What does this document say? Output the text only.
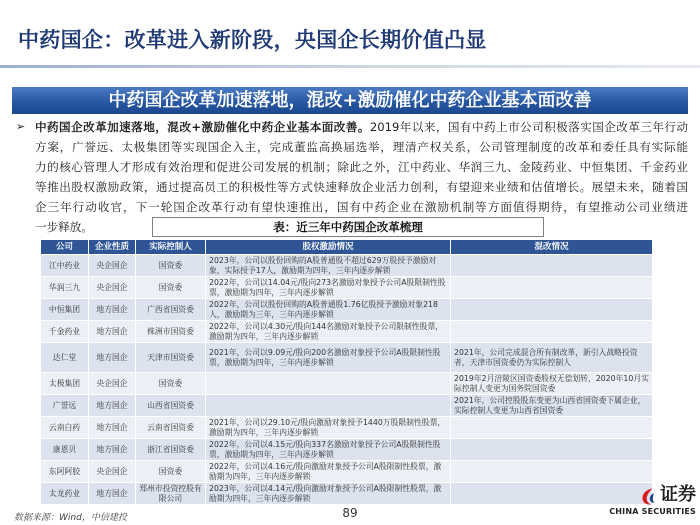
中药国企：改革进入新阶段，央国企长期价值凸显
中药国企改革加速落地，混改+激励催化中药企业基本面改善
➢ 中药国企改革加速落地，混改+激励催化中药企业基本面改善。2019年以来，国有中药上市公司积极落实国企改革三年行动
方案，广誉远、太极集团等实现国企入主，完成董监高换届选举，理清产权关系，公司管理制度的改革和委任具有实际能
力的核心管理人才形成有效治理和促进公司发展的机制；除此之外，江中药业、华润三九、金陵药业、中恒集团、千金药业
等推出股权激励政策，通过提高员工的积极性等方式快速释放企业活力创利，有望迎来业绩和估值增长。展望未来，随着国
企三年行动收官，下一轮国企改革行动有望快速推出，国有中药企业在激励机制等方面值得期待，有望推动公司业绩进
一步释放。	表：近三年中药国企改革梳理
公司	企业性质	实际控制人	股权激励情况	混改情况
江中药业	央企国企	国资委	2023年，公司以股份回购的A股普通股不超过629万股授予激励对象，实际授予17人，激励期为四年，三年内逐步解锁	
华润三九	央企国企	国资委	2022年，公司以14.04元/股向273名激励对象授予公司A股限制性股票，激励期为四年，三年内逐步解锁	
中恒集团	地方国企	广西省国资委	2022年，公司以股份回购的A股普通股1.76亿股授予激励对象218人，激励期为三年，三年内逐步解锁	
千金药业	地方国企	株洲市国资委	2022年，公司以4.30元/股向144名激励对象授予公司限制性股票，激励期为四年，三年内逐步解锁	
达仁堂	地方国企	天津市国资委	2021年，公司以9.09元/股向200名激励对象授予公司A股限制性股票，激励期为四年，三年内逐步解锁	2021年，公司完成混合所有制改革，新引入战略投资者，天津市国资委仍为实际控制人
太极集团	央企国企	国资委		2019年2月涪陵区国资委股权无偿划转，2020年10月实际控制人变更为国务院国资委
广誉远	地方国企	山西省国资委		2021年，公司控股股东变更为山西省国资委下属企业，实际控制人变更为山西省国资委
云南白药	地方国企	云南省国资委	2021年，公司以29.10元/股向激励对象授予1440万股限制性股票，激励期为四年，三年内逐步解锁	
康恩贝	地方国企	浙江省国资委	2022年，公司以4.15元/股向337名激励对象授予公司A股限制性股票，激励期为四年，三年内逐步解锁	
东阿阿胶	央企国企	国资委	2022年，公司以4.16元/股向激励对象授予公司A股限制性股票，激励期为四年，三年内逐步解锁	
太龙药业	地方国企	郑州市投资控股有限公司	2023年，公司以4.14元/股向激励对象授予公司A股限制性股票，激励期为四年，三年内逐步解锁	
数据来源：Wind，中信建投	89
证券
CHINA SECURITIES
